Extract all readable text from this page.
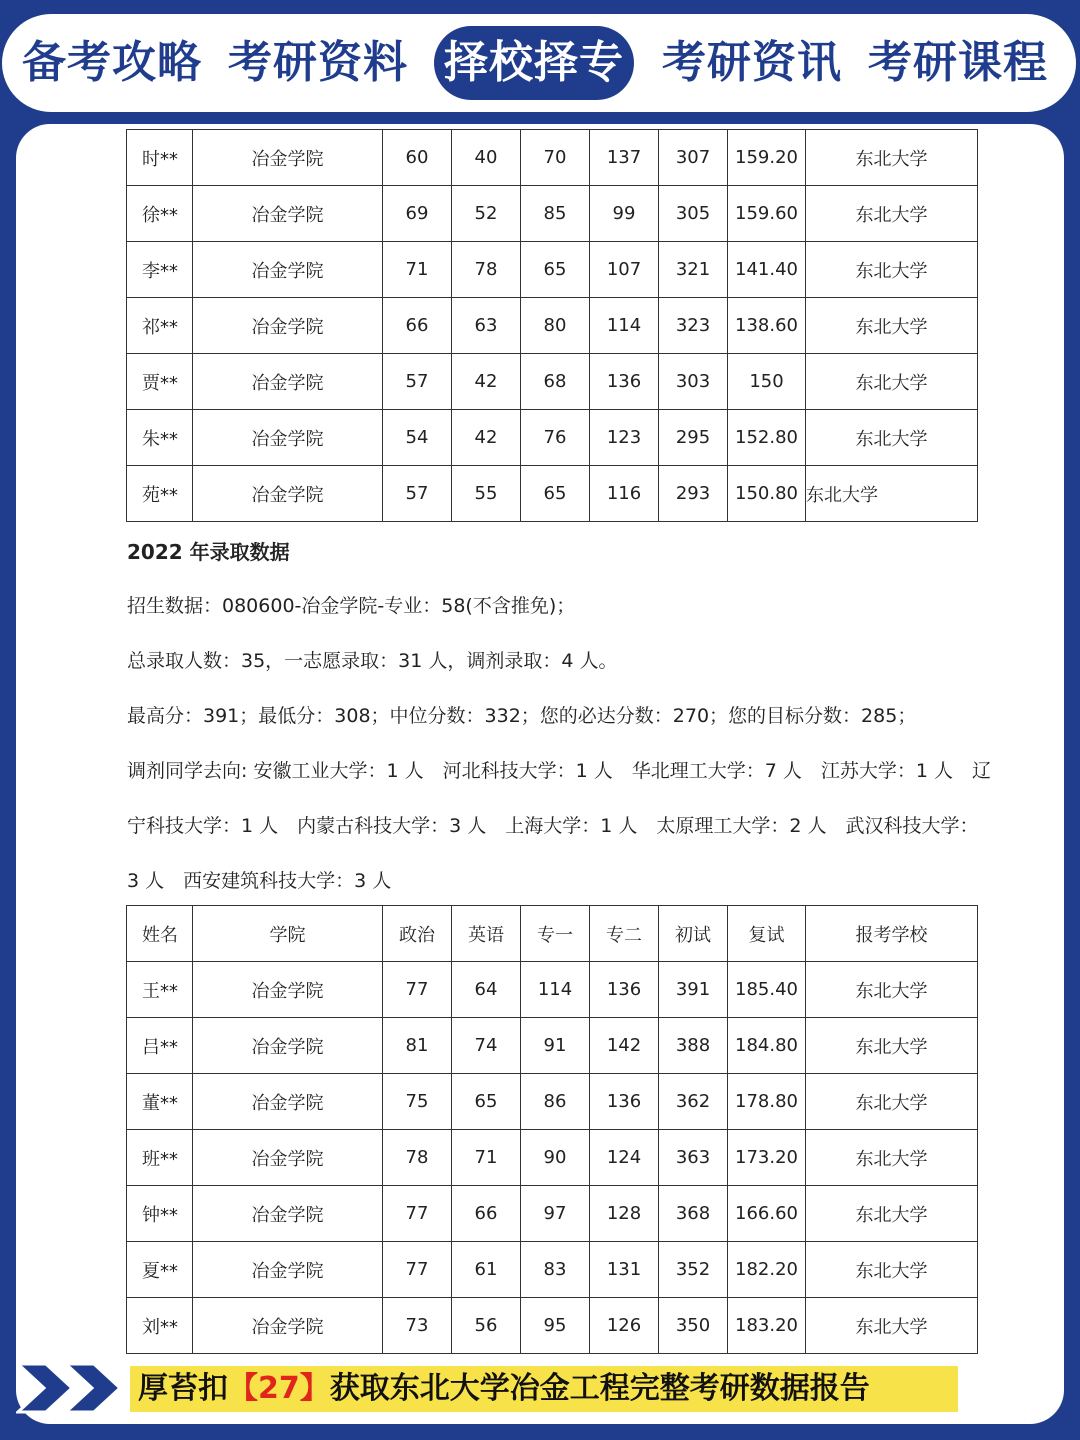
备考攻略 考研资料 择校择专 考研资讯 考研课程
时**	冶金学院	60	40	70	137	307	159.20	东北大学
徐**	冶金学院	69	52	85	99	305	159.60	东北大学
李**	冶金学院	71	78	65	107	321	141.40	东北大学
祁**	冶金学院	66	63	80	114	323	138.60	东北大学
贾**	冶金学院	57	42	68	136	303	150	东北大学
朱**	冶金学院	54	42	76	123	295	152.80	东北大学
苑**	冶金学院	57	55	65	116	293	150.80	东北大学
2022 年录取数据
招生数据：080600-冶金学院-专业：58(不含推免)；
总录取人数：35，一志愿录取：31 人，调剂录取：4 人。
最高分：391；最低分：308；中位分数：332；您的必达分数：270；您的目标分数：285；
调剂同学去向: 安徽工业大学：1 人　河北科技大学：1 人　华北理工大学：7 人　江苏大学：1 人　辽
宁科技大学：1 人　内蒙古科技大学：3 人　上海大学：1 人　太原理工大学：2 人　武汉科技大学：
3 人　西安建筑科技大学：3 人
姓名	学院	政治	英语	专一	专二	初试	复试	报考学校
王**	冶金学院	77	64	114	136	391	185.40	东北大学
吕**	冶金学院	81	74	91	142	388	184.80	东北大学
董**	冶金学院	75	65	86	136	362	178.80	东北大学
班**	冶金学院	78	71	90	124	363	173.20	东北大学
钟**	冶金学院	77	66	97	128	368	166.60	东北大学
夏**	冶金学院	77	61	83	131	352	182.20	东北大学
刘**	冶金学院	73	56	95	126	350	183.20	东北大学
厚苔扣【27】获取东北大学冶金工程完整考研数据报告
